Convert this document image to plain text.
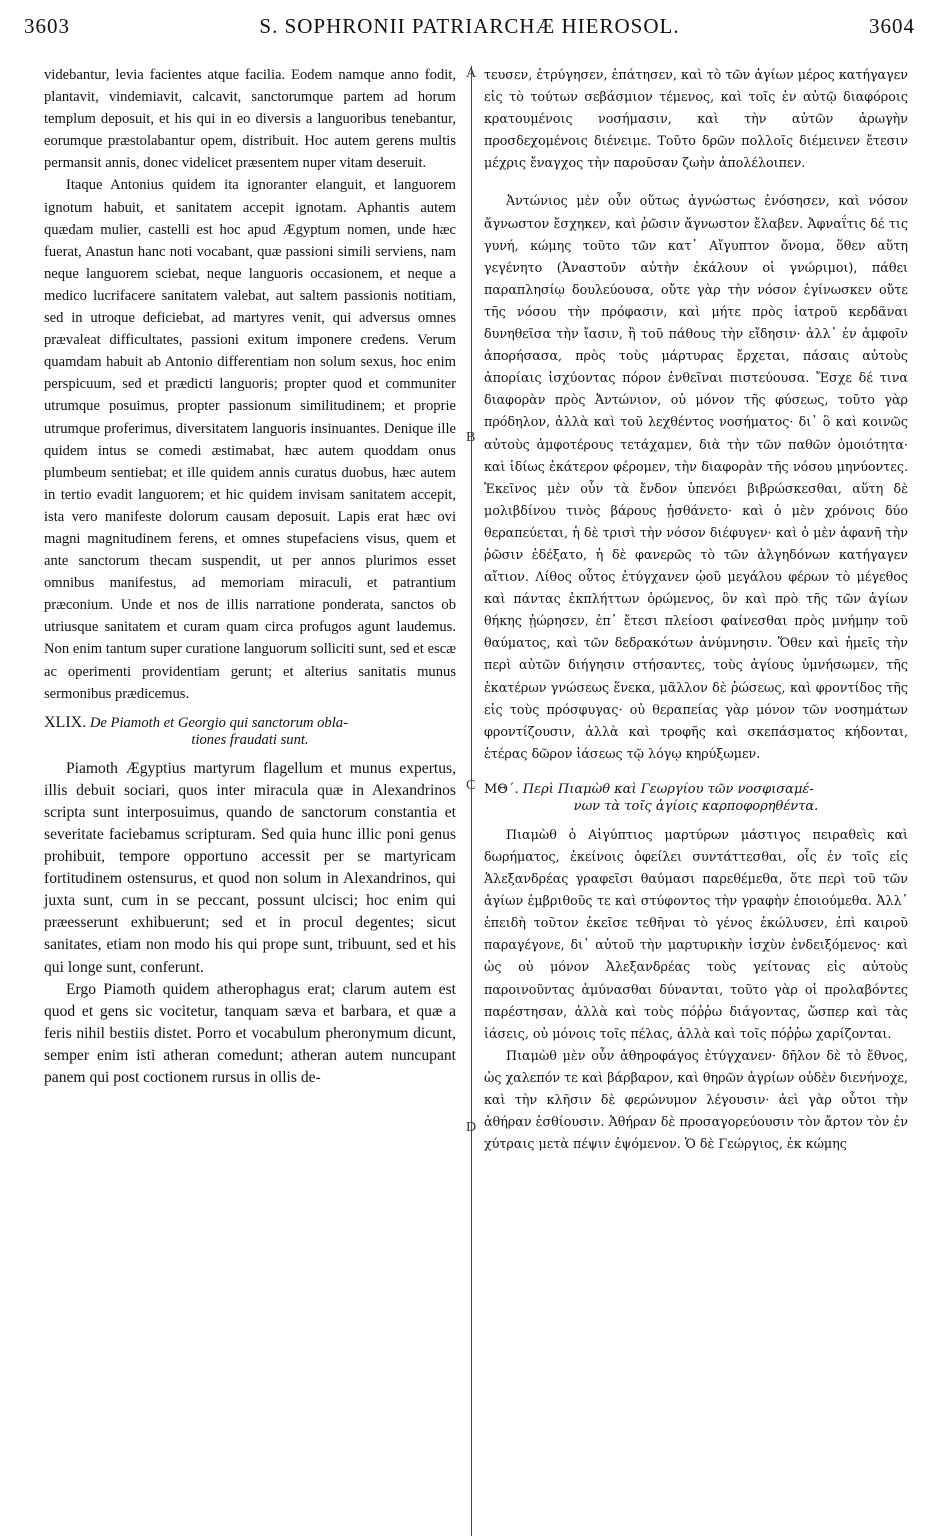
3603	S. SOPHRONII PATRIARCHÆ HIEROSOL.	3604
A
B
C
D

videbantur, levia facientes atque facilia. Eodem namque anno fodit, plantavit, vindemiavit, calcavit, sanctorumque partem ad horum templum deposuit, et his qui in eo diversis a languoribus tenebantur, eorumque præstolabantur opem, distribuit. Hoc autem gerens multis permansit annis, donec videlicet præsentem nuper vitam deseruit.

Itaque Antonius quidem ita ignoranter elanguit, et languorem ignotum habuit, et sanitatem accepit ignotam. Aphantis autem quædam mulier, castelli est hoc apud Ægyptum nomen, unde hæc fuerat, Anastun hanc noti vocabant, quæ passioni simili serviens, nam neque languorem sciebat, neque languoris occasionem, et neque a medico lucrifacere sanitatem valebat, aut saltem passionis notitiam, sed in utroque deficiebat, ad martyres venit, qui adversus omnes prævaleat difficultates, passioni exitum imponere credens. Verum quamdam habuit ab Antonio differentiam non solum sexus, hoc enim perspicuum, sed et prædicti languoris; propter quod et communiter utrumque posuimus, propter passionum similitudinem; et proprie utrumque proferimus, diversitatem languoris insinuantes. Denique ille quidem intus se comedi æstimabat, hæc autem quoddam onus plumbeum sentiebat; et ille quidem annis curatus duobus, hæc autem in tertio evadit languorem; et hic quidem invisam sanitatem accepit, ista vero manifeste dolorum causam deposuit. Lapis erat hæc ovi magni magnitudinem ferens, et omnes stupefaciens visus, quem et ante sanctorum thecam suspendit, ut per annos plurimos esset omnibus manifestus, ad memoriam miraculi, et patrantium præconium. Unde et nos de illis narratione ponderata, sanctos ob utriusque sanitatem et curam quam circa profugos agunt laudemus. Non enim tantum super curatione languorum solliciti sunt, sed et escæ ac operimenti providentiam gerunt; et alterius sanitatis munus sermonibus prædicemus.

XLIX. De Piamoth et Georgio qui sanctorum obla-
tiones fraudati sunt.

Piamoth Ægyptius martyrum flagellum et munus expertus, illis debuit sociari, quos inter miracula quæ in Alexandrinos scripta sunt interposuimus, quando de sanctorum constantia et severitate faciebamus scripturam. Sed quia hunc illic poni genus prohibuit, tempore opportuno accessit per se martyricam fortitudinem ostensurus, et quod non solum in Alexandrinos, qui juxta sunt, cum in se peccant, possunt ulcisci; hoc enim qui præesserunt exhibuerunt; sed et in procul degentes; sicut sanitates, etiam non modo his qui prope sunt, tribuunt, sed et his qui longe sunt, conferunt.

Ergo Piamoth quidem atherophagus erat; clarum autem est quod et gens sic vocitetur, tanquam sæva et barbara, et quæ a feris nihil bestiis distet. Porro et vocabulum pheronymum dicunt, semper enim isti atheran comedunt; atheran autem nuncupant panem qui post coctionem rursus in ollis de-

τευσεν, ἐτρύγησεν, ἐπάτησεν, καὶ τὸ τῶν ἁγίων μέρος κατήγαγεν εἰς τὸ τούτων σεβάσμιον τέμενος, καὶ τοῖς ἐν αὐτῷ διαφόροις κρατουμένοις νοσήμασιν, καὶ τὴν αὐτῶν ἀρωγὴν προσδεχομένοις διένειμε. Τοῦτο δρῶν πολλοῖς διέμεινεν ἔτεσιν μέχρις ἔναγχος τὴν παροῦσαν ζωὴν ἀπολέλοιπεν.

Ἀντώνιος μὲν οὖν οὕτως ἀγνώστως ἐνόσησεν, καὶ νόσον ἄγνωστον ἔσχηκεν, καὶ ῥῶσιν ἄγνωστον ἔλαβεν. Ἀφναΐτις δέ τις γυνή, κώμης τοῦτο τῶν κατ᾽ Αἴγυπτον ὄνομα, ὅθεν αὕτη γεγένητο (Ἀναστοῦν αὐτὴν ἐκάλουν οἱ γνώριμοι), πάθει παραπλησίῳ δουλεύουσα, οὔτε γὰρ τὴν νόσον ἐγίνωσκεν οὔτε τῆς νόσου τὴν πρόφασιν, καὶ μήτε πρὸς ἰατροῦ κερδᾶναι δυνηθεῖσα τὴν ἴασιν, ἢ τοῦ πάθους τὴν εἴδησιν· ἀλλ᾽ ἐν ἀμφοῖν ἀπορήσασα, πρὸς τοὺς μάρτυρας ἔρχεται, πάσαις αὐτοὺς ἀπορίαις ἰσχύοντας πόρον ἐνθεῖναι πιστεύουσα. Ἔσχε δέ τινα διαφορὰν πρὸς Ἀντώνιον, οὐ μόνον τῆς φύσεως, τοῦτο γὰρ πρόδηλον, ἀλλὰ καὶ τοῦ λεχθέντος νοσήματος· δι᾽ ὃ καὶ κοινῶς αὐτοὺς ἀμφοτέρους τετάχαμεν, διὰ τὴν τῶν παθῶν ὁμοιότητα· καὶ ἰδίως ἑκάτερον φέρομεν, τὴν διαφορὰν τῆς νόσου μηνύοντες. Ἐκεῖνος μὲν οὖν τὰ ἔνδον ὑπενόει βιβρώσκεσθαι, αὕτη δὲ μολιβδίνου τινὸς βάρους ᾐσθάνετο· καὶ ὁ μὲν χρόνοις δύο θεραπεύεται, ἡ δὲ τρισὶ τὴν νόσον διέφυγεν· καὶ ὁ μὲν ἀφανῆ τὴν ῥῶσιν ἐδέξατο, ἡ δὲ φανερῶς τὸ τῶν ἀλγηδόνων κατήγαγεν αἴτιον. Λίθος οὗτος ἐτύγχανεν ᾠοῦ μεγάλου φέρων τὸ μέγεθος καὶ πάντας ἐκπλήττων ὁρώμενος, ὃν καὶ πρὸ τῆς τῶν ἁγίων θήκης ᾐώρησεν, ἐπ᾽ ἔτεσι πλείοσι φαίνεσθαι πρὸς μνήμην τοῦ θαύματος, καὶ τῶν δεδρακότων ἀνύμνησιν. Ὅθεν καὶ ἡμεῖς τὴν περὶ αὐτῶν διήγησιν στήσαντες, τοὺς ἁγίους ὑμνήσωμεν, τῆς ἑκατέρων γνώσεως ἕνεκα, μᾶλλον δὲ ῥώσεως, καὶ φροντίδος τῆς εἰς τοὺς πρόσφυγας· οὐ θεραπείας γὰρ μόνον τῶν νοσημάτων φροντίζουσιν, ἀλλὰ καὶ τροφῆς καὶ σκεπάσματος κήδονται, ἑτέρας δῶρον ἰάσεως τῷ λόγῳ κηρύξωμεν.

ΜΘ΄. Περὶ Πιαμὼθ καὶ Γεωργίου τῶν νοσφισαμέ-
νων τὰ τοῖς ἁγίοις καρποφορηθέντα.

Πιαμὼθ ὁ Αἰγύπτιος μαρτύρων μάστιγος πειραθεὶς καὶ δωρήματος, ἐκείνοις ὀφείλει συντάττεσθαι, οἷς ἐν τοῖς εἰς Ἀλεξανδρέας γραφεῖσι θαύμασι παρεθέμεθα, ὅτε περὶ τοῦ τῶν ἁγίων ἐμβριθοῦς τε καὶ στύφοντος τὴν γραφὴν ἐποιούμεθα. Ἀλλ᾽ ἐπειδὴ τοῦτον ἐκεῖσε τεθῆναι τὸ γένος ἐκώλυσεν, ἐπὶ καιροῦ παραγέγονε, δι᾽ αὐτοῦ τὴν μαρτυρικὴν ἰσχὺν ἐνδειξόμενος· καὶ ὡς οὐ μόνον Ἀλεξανδρέας τοὺς γείτονας εἰς αὐτοὺς παροινοῦντας ἀμύνασθαι δύνανται, τοῦτο γὰρ οἱ προλαβόντες παρέστησαν, ἀλλὰ καὶ τοὺς πόῤῥω διάγοντας, ὥσπερ καὶ τὰς ἰάσεις, οὐ μόνοις τοῖς πέλας, ἀλλὰ καὶ τοῖς πόῤῥω χαρίζονται.

Πιαμὼθ μὲν οὖν ἀθηροφάγος ἐτύγχανεν· δῆλον δὲ τὸ ἔθνος, ὡς χαλεπόν τε καὶ βάρβαρον, καὶ θηρῶν ἀγρίων οὐδὲν διενήνοχε, καὶ τὴν κλῆσιν δὲ φερώνυμον λέγουσιν· ἀεὶ γὰρ οὗτοι τὴν ἀθήραν ἐσθίουσιν. Ἀθήραν δὲ προσαγορεύουσιν τὸν ἄρτον τὸν ἐν χύτραις μετὰ πέψιν ἑψόμενον. Ὁ δὲ Γεώργιος, ἐκ κώμης
